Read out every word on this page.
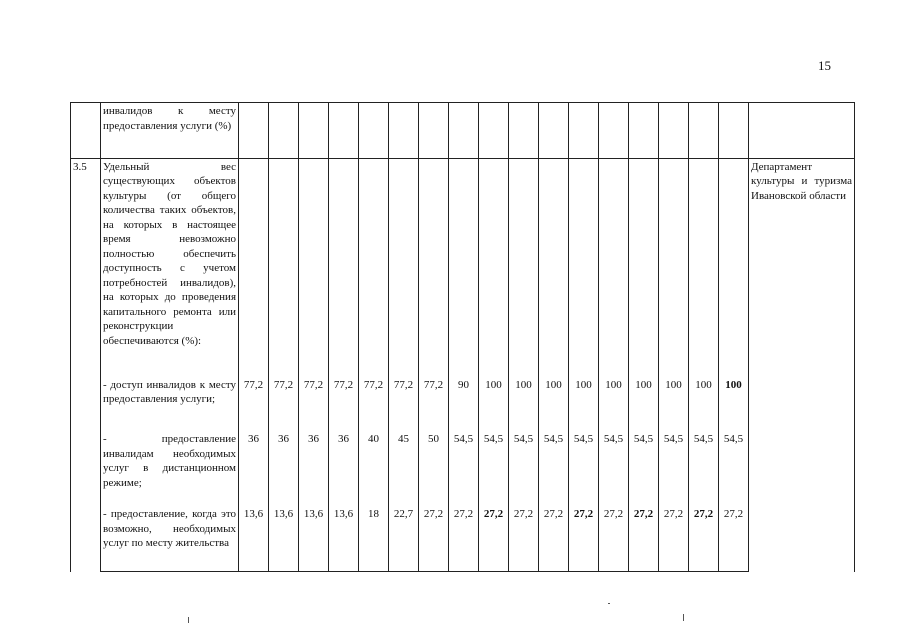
15
	инвалидов к месту предоставления услуги (%)																		
3.5	Удельный вес существующих объектов культуры (от общего количества таких объектов, на которых в настоящее время невозможно полностью обеспечить доступность с учетом потребностей инвалидов), на которых до проведения капитального ремонта или реконструкции обеспечиваются (%):																		Департамент культуры и туризма Ивановской области
	- доступ инвалидов к месту предоставления услуги;	77,2	77,2	77,2	77,2	77,2	77,2	77,2	90	100	100	100	100	100	100	100	100	100	
	- предоставление инвалидам необходимых услуг в дистанционном режиме;	36	36	36	36	40	45	50	54,5	54,5	54,5	54,5	54,5	54,5	54,5	54,5	54,5	54,5	
	- предоставление, когда это возможно, необходимых услуг по месту жительства	13,6	13,6	13,6	13,6	18	22,7	27,2	27,2	27,2	27,2	27,2	27,2	27,2	27,2	27,2	27,2	27,2	
